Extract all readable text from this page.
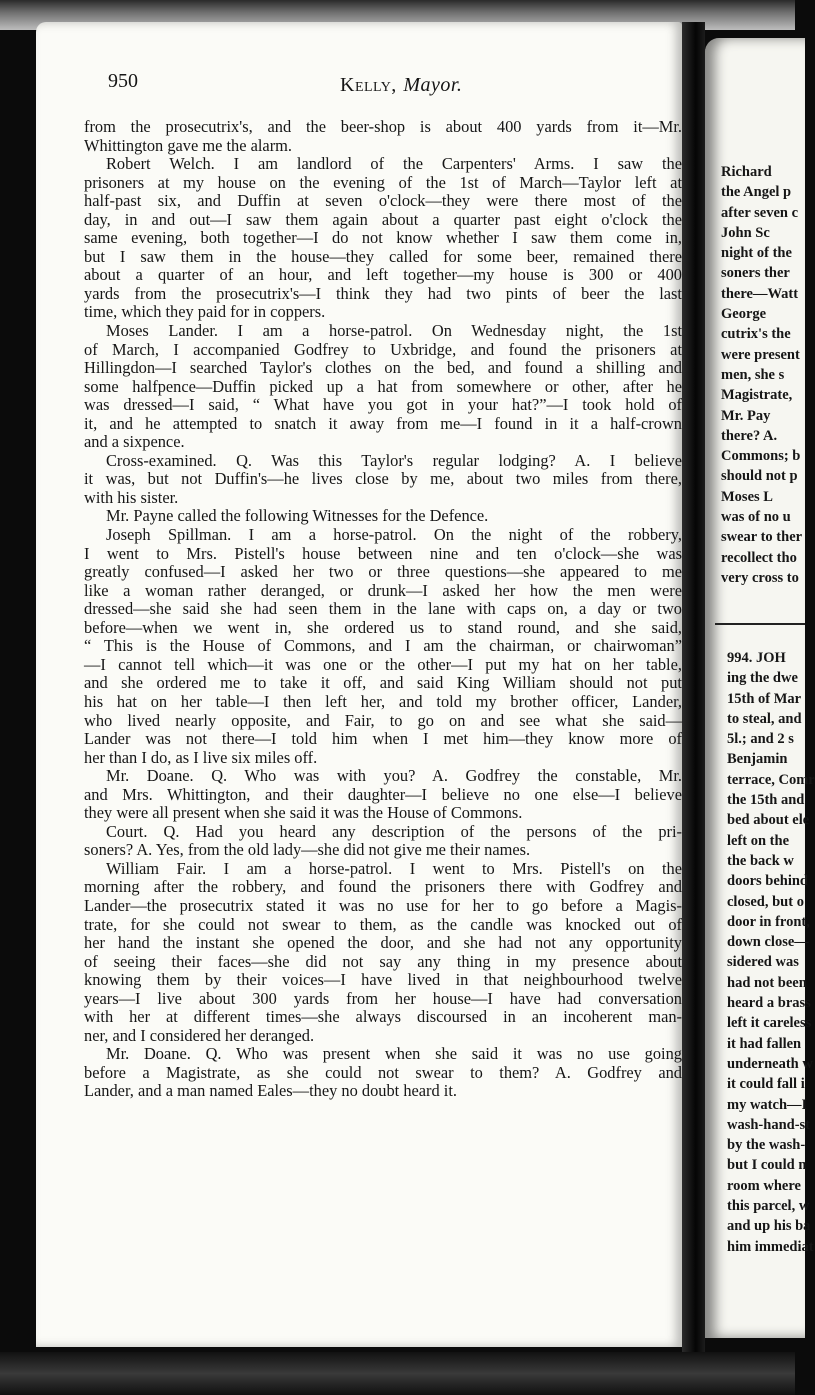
Richard
the Angel p
after seven c
John Sc
night of the
soners ther
there—Watt
George
cutrix's the
were present
men, she s
Magistrate,
Mr. Pay
there? A.
Commons; b
should not p
Moses L
was of no u
swear to ther
recollect tho
very cross to
994. JOH
ing the dwe
15th of Mar
to steal, and
5l.; and 2 s
Benjamin
terrace, Comr
the 15th and
bed about ele
left on the
the back w
doors behind
closed, but o
door in front,
down close—
sidered was
had not been
heard a brass
left it careless
it had fallen
underneath w
it could fall i
my watch—I
wash-hand-st
by the wash-
but I could n
room where
this parcel, w
and up his ba
him immediat
950	Kelly, Mayor.
from the prosecutrix's, and the beer-shop is about 400 yards from it—Mr.
Whittington gave me the alarm.
Robert Welch. I am landlord of the Carpenters' Arms. I saw the
prisoners at my house on the evening of the 1st of March—Taylor left at
half-past six, and Duffin at seven o'clock—they were there most of the
day, in and out—I saw them again about a quarter past eight o'clock the
same evening, both together—I do not know whether I saw them come in,
but I saw them in the house—they called for some beer, remained there
about a quarter of an hour, and left together—my house is 300 or 400
yards from the prosecutrix's—I think they had two pints of beer the last
time, which they paid for in coppers.
Moses Lander. I am a horse-patrol. On Wednesday night, the 1st
of March, I accompanied Godfrey to Uxbridge, and found the prisoners at
Hillingdon—I searched Taylor's clothes on the bed, and found a shilling and
some halfpence—Duffin picked up a hat from somewhere or other, after he
was dressed—I said, “ What have you got in your hat?”—I took hold of
it, and he attempted to snatch it away from me—I found in it a half-crown
and a sixpence.
Cross-examined. Q. Was this Taylor's regular lodging? A. I believe
it was, but not Duffin's—he lives close by me, about two miles from there,
with his sister.
Mr. Payne called the following Witnesses for the Defence.
Joseph Spillman. I am a horse-patrol. On the night of the robbery,
I went to Mrs. Pistell's house between nine and ten o'clock—she was
greatly confused—I asked her two or three questions—she appeared to me
like a woman rather deranged, or drunk—I asked her how the men were
dressed—she said she had seen them in the lane with caps on, a day or two
before—when we went in, she ordered us to stand round, and she said,
“ This is the House of Commons, and I am the chairman, or chairwoman”
—I cannot tell which—it was one or the other—I put my hat on her table,
and she ordered me to take it off, and said King William should not put
his hat on her table—I then left her, and told my brother officer, Lander,
who lived nearly opposite, and Fair, to go on and see what she said—
Lander was not there—I told him when I met him—they know more of
her than I do, as I live six miles off.
Mr. Doane. Q. Who was with you? A. Godfrey the constable, Mr.
and Mrs. Whittington, and their daughter—I believe no one else—I believe
they were all present when she said it was the House of Commons.
Court. Q. Had you heard any description of the persons of the pri-
soners? A. Yes, from the old lady—she did not give me their names.
William Fair. I am a horse-patrol. I went to Mrs. Pistell's on the
morning after the robbery, and found the prisoners there with Godfrey and
Lander—the prosecutrix stated it was no use for her to go before a Magis-
trate, for she could not swear to them, as the candle was knocked out of
her hand the instant she opened the door, and she had not any opportunity
of seeing their faces—she did not say any thing in my presence about
knowing them by their voices—I have lived in that neighbourhood twelve
years—I live about 300 yards from her house—I have had conversation
with her at different times—she always discoursed in an incoherent man-
ner, and I considered her deranged.
Mr. Doane. Q. Who was present when she said it was no use going
before a Magistrate, as she could not swear to them? A. Godfrey and
Lander, and a man named Eales—they no doubt heard it.
